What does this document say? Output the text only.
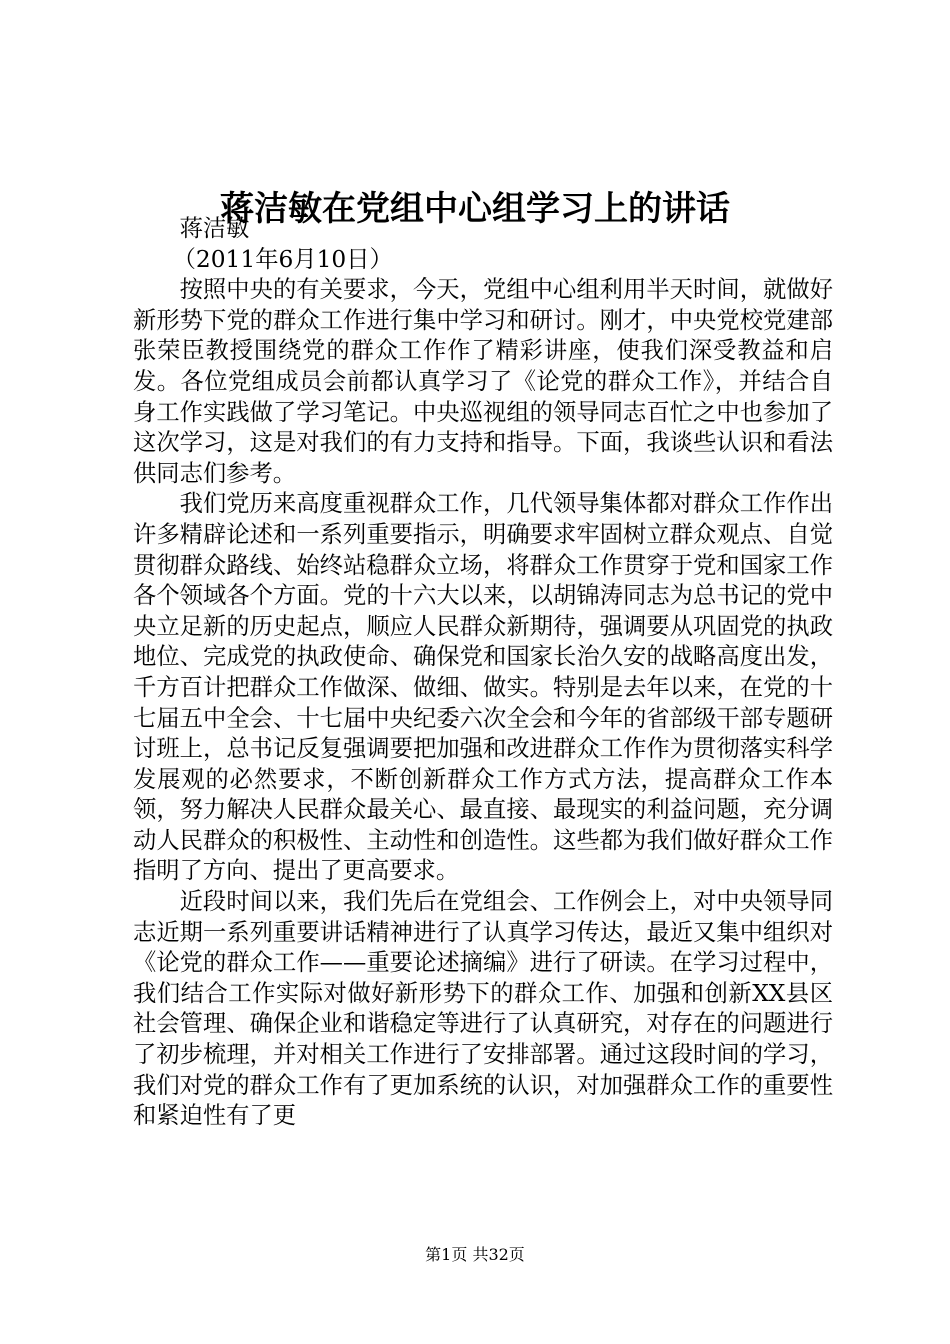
蒋洁敏在党组中心组学习上的讲话

蒋洁敏

（2011年6月10日）

按照中央的有关要求，今天，党组中心组利用半天时间，就做好新形势下党的群众工作进行集中学习和研讨。刚才，中央党校党建部张荣臣教授围绕党的群众工作作了精彩讲座，使我们深受教益和启发。各位党组成员会前都认真学习了《论党的群众工作》，并结合自身工作实践做了学习笔记。中央巡视组的领导同志百忙之中也参加了这次学习，这是对我们的有力支持和指导。下面，我谈些认识和看法供同志们参考。

我们党历来高度重视群众工作，几代领导集体都对群众工作作出许多精辟论述和一系列重要指示，明确要求牢固树立群众观点、自觉贯彻群众路线、始终站稳群众立场，将群众工作贯穿于党和国家工作各个领域各个方面。党的十六大以来，以胡锦涛同志为总书记的党中央立足新的历史起点，顺应人民群众新期待，强调要从巩固党的执政地位、完成党的执政使命、确保党和国家长治久安的战略高度出发，千方百计把群众工作做深、做细、做实。特别是去年以来，在党的十七届五中全会、十七届中央纪委六次全会和今年的省部级干部专题研讨班上，总书记反复强调要把加强和改进群众工作作为贯彻落实科学发展观的必然要求，不断创新群众工作方式方法，提高群众工作本领，努力解决人民群众最关心、最直接、最现实的利益问题，充分调动人民群众的积极性、主动性和创造性。这些都为我们做好群众工作指明了方向、提出了更高要求。

近段时间以来，我们先后在党组会、工作例会上，对中央领导同志近期一系列重要讲话精神进行了认真学习传达，最近又集中组织对《论党的群众工作——重要论述摘编》进行了研读。在学习过程中，我们结合工作实际对做好新形势下的群众工作、加强和创新XX县区社会管理、确保企业和谐稳定等进行了认真研究，对存在的问题进行了初步梳理，并对相关工作进行了安排部署。通过这段时间的学习，我们对党的群众工作有了更加系统的认识，对加强群众工作的重要性和紧迫性有了更

第1页 共32页
